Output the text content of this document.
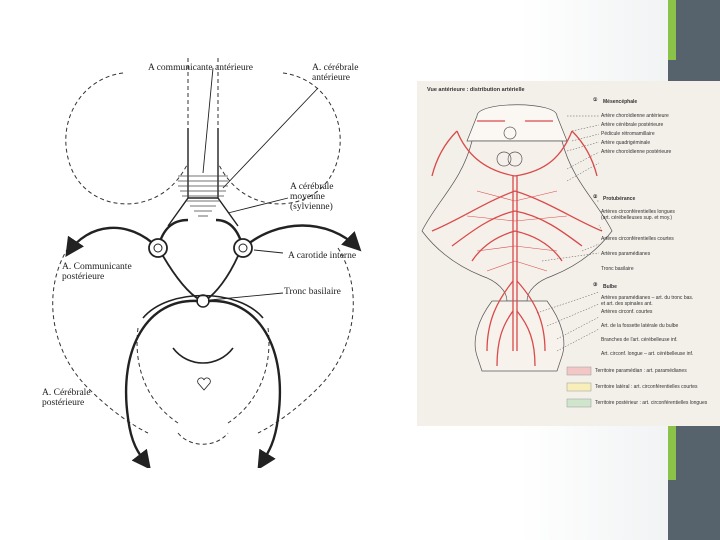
A communicante antérieure	A. cérébrale
antérieure
A cérébrale
moyenne
(sylvienne)
A carotide interne
A. Communicante
postérieure
Tronc basilaire
A. Cérébrale
postérieure
Vue antérieure : distribution artérielle
①
②
③
Mésencéphale
Artère choroïdienne antérieure
Artère cérébrale postérieure
Pédicule rétromamillaire
Artère quadrigéminale
Artère choroïdienne postérieure
Protubérance
Artères circonférentielles longues
(art. cérébelleuses sup. et moy.)
Artères circonférentielles courtes
Artères paramédianes
Tronc basilaire
Bulbe
Artères paramédianes – art. du tronc bas.
et art. des spinales ant.
Artères circonf. courtes
Art. de la fossette latérale du bulbe
Branches de l'art. cérébelleuse inf.
Art. circonf. longue – art. cérébelleuse inf.
Territoire paramédian : art. paramédianes
Territoire latéral : art. circonférentielles courtes
Territoire postérieur : art. circonférentielles longues
